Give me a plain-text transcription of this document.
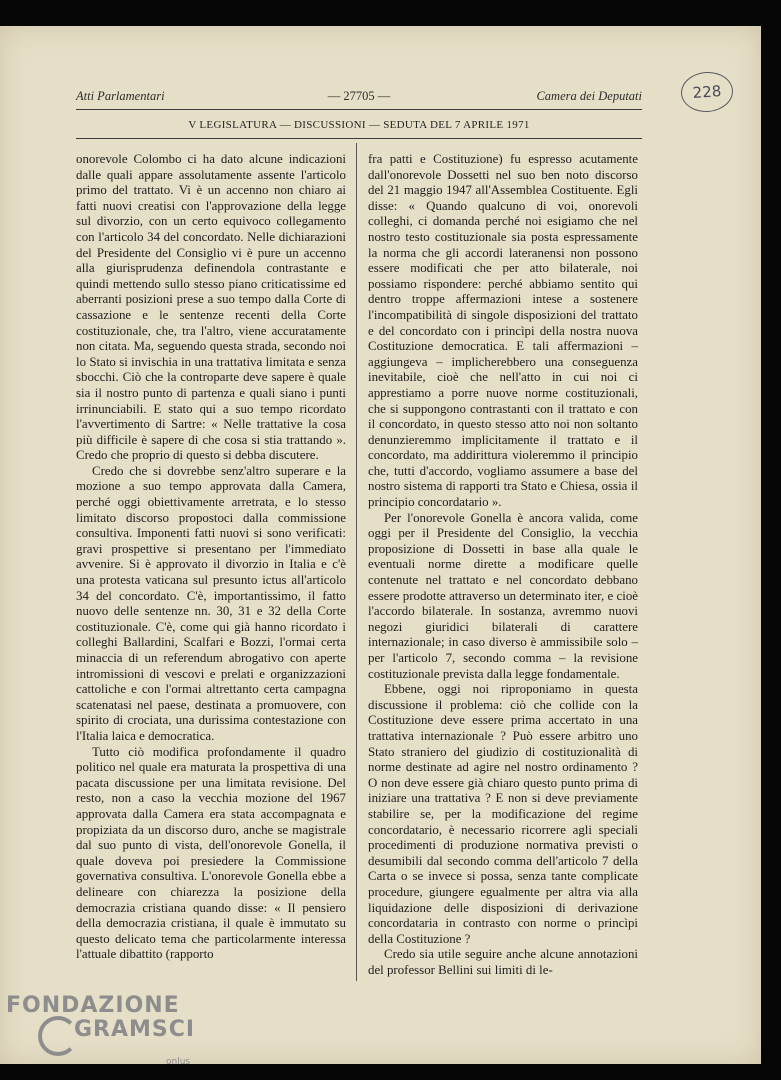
228
Atti Parlamentari	— 27705 —	Camera dei Deputati
V LEGISLATURA — DISCUSSIONI — SEDUTA DEL 7 APRILE 1971

onorevole Colombo ci ha dato alcune indicazioni dalle quali appare assolutamente assente l'articolo primo del trattato. Vi è un accenno non chiaro ai fatti nuovi creatisi con l'approvazione della legge sul divorzio, con un certo equivoco collegamento con l'articolo 34 del concordato. Nelle dichiarazioni del Presidente del Consiglio vi è pure un accenno alla giurisprudenza definendola contrastante e quindi mettendo sullo stesso piano criticatissime ed aberranti posizioni prese a suo tempo dalla Corte di cassazione e le sentenze recenti della Corte costituzionale, che, tra l'altro, viene accuratamente non citata. Ma, seguendo questa strada, secondo noi lo Stato si invischia in una trattativa limitata e senza sbocchi. Ciò che la controparte deve sapere è quale sia il nostro punto di partenza e quali siano i punti irrinunciabili. E stato qui a suo tempo ricordato l'avvertimento di Sartre: « Nelle trattative la cosa più difficile è sapere di che cosa si stia trattando ». Credo che proprio di questo si debba discutere.

Credo che si dovrebbe senz'altro superare e la mozione a suo tempo approvata dalla Camera, perché oggi obiettivamente arretrata, e lo stesso limitato discorso propostoci dalla commissione consultiva. Imponenti fatti nuovi si sono verificati: gravi prospettive si presentano per l'immediato avvenire. Si è approvato il divorzio in Italia e c'è una protesta vaticana sul presunto ictus all'articolo 34 del concordato. C'è, importantissimo, il fatto nuovo delle sentenze nn. 30, 31 e 32 della Corte costituzionale. C'è, come qui già hanno ricordato i colleghi Ballardini, Scalfari e Bozzi, l'ormai certa minaccia di un referendum abrogativo con aperte intromissioni di vescovi e prelati e organizzazioni cattoliche e con l'ormai altrettanto certa campagna scatenatasi nel paese, destinata a promuovere, con spirito di crociata, una durissima contestazione con l'Italia laica e democratica.

Tutto ciò modifica profondamente il quadro politico nel quale era maturata la prospettiva di una pacata discussione per una limitata revisione. Del resto, non a caso la vecchia mozione del 1967 approvata dalla Camera era stata accompagnata e propiziata da un discorso duro, anche se magistrale dal suo punto di vista, dell'onorevole Gonella, il quale doveva poi presiedere la Commissione governativa consultiva. L'onorevole Gonella ebbe a delineare con chiarezza la posizione della democrazia cristiana quando disse: « Il pensiero della democrazia cristiana, il quale è immutato su questo delicato tema che particolarmente interessa l'attuale dibattito (rapporto

fra patti e Costituzione) fu espresso acutamente dall'onorevole Dossetti nel suo ben noto discorso del 21 maggio 1947 all'Assemblea Costituente. Egli disse: « Quando qualcuno di voi, onorevoli colleghi, ci domanda perché noi esigiamo che nel nostro testo costituzionale sia posta espressamente la norma che gli accordi lateranensi non possono essere modificati che per atto bilaterale, noi possiamo rispondere: perché abbiamo sentito qui dentro troppe affermazioni intese a sostenere l'incompatibilità di singole disposizioni del trattato e del concordato con i princìpi della nostra nuova Costituzione democratica. E tali affermazioni – aggiungeva – implicherebbero una conseguenza inevitabile, cioè che nell'atto in cui noi ci apprestiamo a porre nuove norme costituzionali, che si suppongono contrastanti con il trattato e con il concordato, in questo stesso atto noi non soltanto denunzieremmo implicitamente il trattato e il concordato, ma addirittura violeremmo il principio che, tutti d'accordo, vogliamo assumere a base del nostro sistema di rapporti tra Stato e Chiesa, ossia il principio concordatario ».

Per l'onorevole Gonella è ancora valida, come oggi per il Presidente del Consiglio, la vecchia proposizione di Dossetti in base alla quale le eventuali norme dirette a modificare quelle contenute nel trattato e nel concordato debbano essere prodotte attraverso un determinato iter, e cioè l'accordo bilaterale. In sostanza, avremmo nuovi negozi giuridici bilaterali di carattere internazionale; in caso diverso è ammissibile solo – per l'articolo 7, secondo comma – la revisione costituzionale prevista dalla legge fondamentale.

Ebbene, oggi noi riproponiamo in questa discussione il problema: ciò che collide con la Costituzione deve essere prima accertato in una trattativa internazionale ? Può essere arbitro uno Stato straniero del giudizio di costituzionalità di norme destinate ad agire nel nostro ordinamento ? O non deve essere già chiaro questo punto prima di iniziare una trattativa ? E non si deve previamente stabilire se, per la modificazione del regime concordatario, è necessario ricorrere agli speciali procedimenti di produzione normativa previsti o desumibili dal secondo comma dell'articolo 7 della Carta o se invece si possa, senza tante complicate procedure, giungere egualmente per altra via alla liquidazione delle disposizioni di derivazione concordataria in contrasto con norme o princìpi della Costituzione ?

Credo sia utile seguire anche alcune annotazioni del professor Bellini sui limiti di le-

FONDAZIONE
GRAMSCI
onlus
